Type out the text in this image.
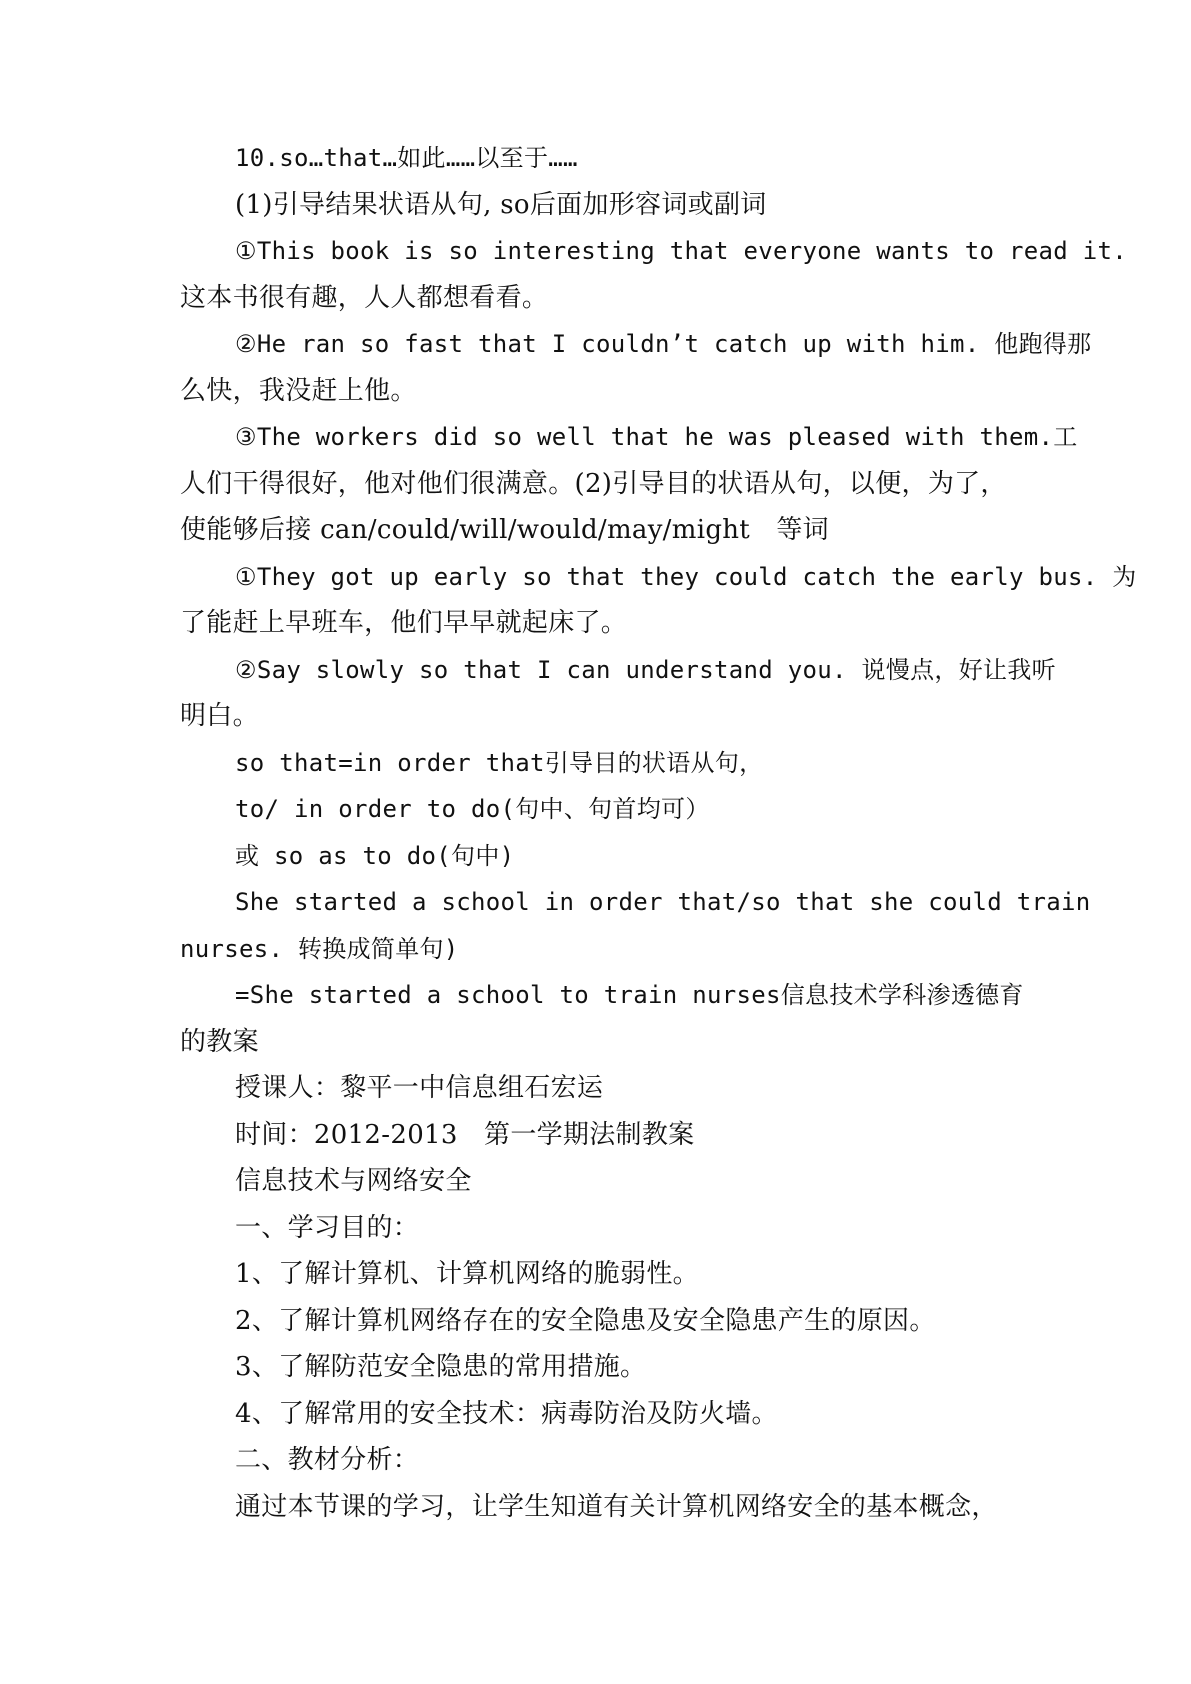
10.so…that…如此……以至于……
(1)引导结果状语从句, so后面加形容词或副词
①This book is so interesting that everyone wants to read it.
这本书很有趣，人人都想看看。
②He ran so fast that I couldn’t catch up with him. 他跑得那
么快，我没赶上他。
③The workers did so well that he was pleased with them.工
人们干得很好，他对他们很满意。(2)引导目的状语从句，以便，为了，
使能够后接 can/could/will/would/may/might　等词
①They got up early so that they could catch the early bus. 为
了能赶上早班车，他们早早就起床了。
②Say slowly so that I can understand you. 说慢点，好让我听
明白。
so that=in order that引导目的状语从句，
to/ in order to do(句中、句首均可）
或 so as to do(句中)
She started a school in order that/so that she could train
nurses. 转换成简单句)
=She started a school to train nurses信息技术学科渗透德育
的教案
授课人：黎平一中信息组石宏运
时间：2012-2013　第一学期法制教案
信息技术与网络安全
一、学习目的：
1、了解计算机、计算机网络的脆弱性。
2、了解计算机网络存在的安全隐患及安全隐患产生的原因。
3、了解防范安全隐患的常用措施。
4、了解常用的安全技术：病毒防治及防火墙。
二、教材分析：
通过本节课的学习，让学生知道有关计算机网络安全的基本概念，
